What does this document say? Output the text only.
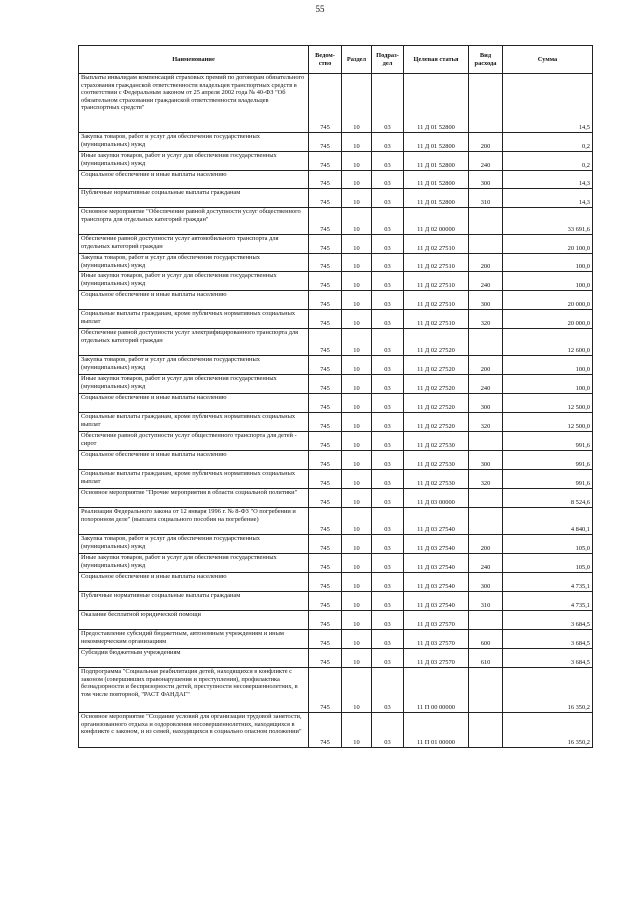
55
Наименование	Ведом-ство	Раздел	Подраз-дел	Целевая статья	Вид расхода	Сумма
Выплаты инвалидам компенсаций страховых премий по договорам обязательного страхования гражданской ответственности владельцев транспортных средств в соответствии с Федеральным законом от 25 апреля 2002 года № 40-ФЗ "Об обязательном страховании гражданской ответственности владельцев транспортных средств"	745	10	03	11 Д 01 52800		14,5
Закупка товаров, работ и услуг для обеспечения государственных (муниципальных) нужд	745	10	03	11 Д 01 52800	200	0,2
Иные закупки товаров, работ и услуг для обеспечения государственных (муниципальных) нужд	745	10	03	11 Д 01 52800	240	0,2
Социальное обеспечение и иные выплаты населению	745	10	03	11 Д 01 52800	300	14,3
Публичные нормативные социальные выплаты гражданам	745	10	03	11 Д 01 52800	310	14,3
Основное мероприятие "Обеспечение равной доступности услуг общественного транспорта для отдельных категорий граждан"	745	10	03	11 Д 02 00000		33 691,6
Обеспечение равной доступности услуг автомобильного транспорта для отдельных категорий граждан	745	10	03	11 Д 02 27510		20 100,0
Закупка товаров, работ и услуг для обеспечения государственных (муниципальных) нужд	745	10	03	11 Д 02 27510	200	100,0
Иные закупки товаров, работ и услуг для обеспечения государственных (муниципальных) нужд	745	10	03	11 Д 02 27510	240	100,0
Социальное обеспечение и иные выплаты населению	745	10	03	11 Д 02 27510	300	20 000,0
Социальные выплаты гражданам, кроме публичных нормативных социальных выплат	745	10	03	11 Д 02 27510	320	20 000,0
Обеспечение равной доступности услуг электрифицированного транспорта для отдельных категорий граждан	745	10	03	11 Д 02 27520		12 600,0
Закупка товаров, работ и услуг для обеспечения государственных (муниципальных) нужд	745	10	03	11 Д 02 27520	200	100,0
Иные закупки товаров, работ и услуг для обеспечения государственных (муниципальных) нужд	745	10	03	11 Д 02 27520	240	100,0
Социальное обеспечение и иные выплаты населению	745	10	03	11 Д 02 27520	300	12 500,0
Социальные выплаты гражданам, кроме публичных нормативных социальных выплат	745	10	03	11 Д 02 27520	320	12 500,0
Обеспечение равной доступности услуг общественного транспорта для детей - сирот	745	10	03	11 Д 02 27530		991,6
Социальное обеспечение и иные выплаты населению	745	10	03	11 Д 02 27530	300	991,6
Социальные выплаты гражданам, кроме публичных нормативных социальных выплат	745	10	03	11 Д 02 27530	320	991,6
Основное мероприятие "Прочие мероприятия в области социальной политики"	745	10	03	11 Д 03 00000		8 524,6
Реализация Федерального закона от 12 января 1996 г. № 8-ФЗ "О погребении и похоронном деле" (выплата социального пособия на погребение)	745	10	03	11 Д 03 27540		4 840,1
Закупка товаров, работ и услуг для обеспечения государственных (муниципальных) нужд	745	10	03	11 Д 03 27540	200	105,0
Иные закупки товаров, работ и услуг для обеспечения государственных (муниципальных) нужд	745	10	03	11 Д 03 27540	240	105,0
Социальное обеспечение и иные выплаты населению	745	10	03	11 Д 03 27540	300	4 735,1
Публичные нормативные социальные выплаты гражданам	745	10	03	11 Д 03 27540	310	4 735,1
Оказание бесплатной юридической помощи	745	10	03	11 Д 03 27570		3 684,5
Предоставление субсидий бюджетным, автономным учреждениям и иным некоммерческим организациям	745	10	03	11 Д 03 27570	600	3 684,5
Субсидии бюджетным учреждениям	745	10	03	11 Д 03 27570	610	3 684,5
Подпрограмма "Социальная реабилитация детей, находящихся в конфликте с законом (совершивших правонарушения и преступления), профилактика безнадзорности и беспризорности детей, преступности несовершеннолетних, в том числе повторной, "РАСТ ФАНДАГ"	745	10	03	11 П 00 00000		16 350,2
Основное мероприятие "Создание условий для организации трудовой занятости, организованного отдыха и оздоровления несовершеннолетних, находящихся в конфликте с законом, и из семей, находящихся в социально опасном положении"	745	10	03	11 П 01 00000		16 350,2
